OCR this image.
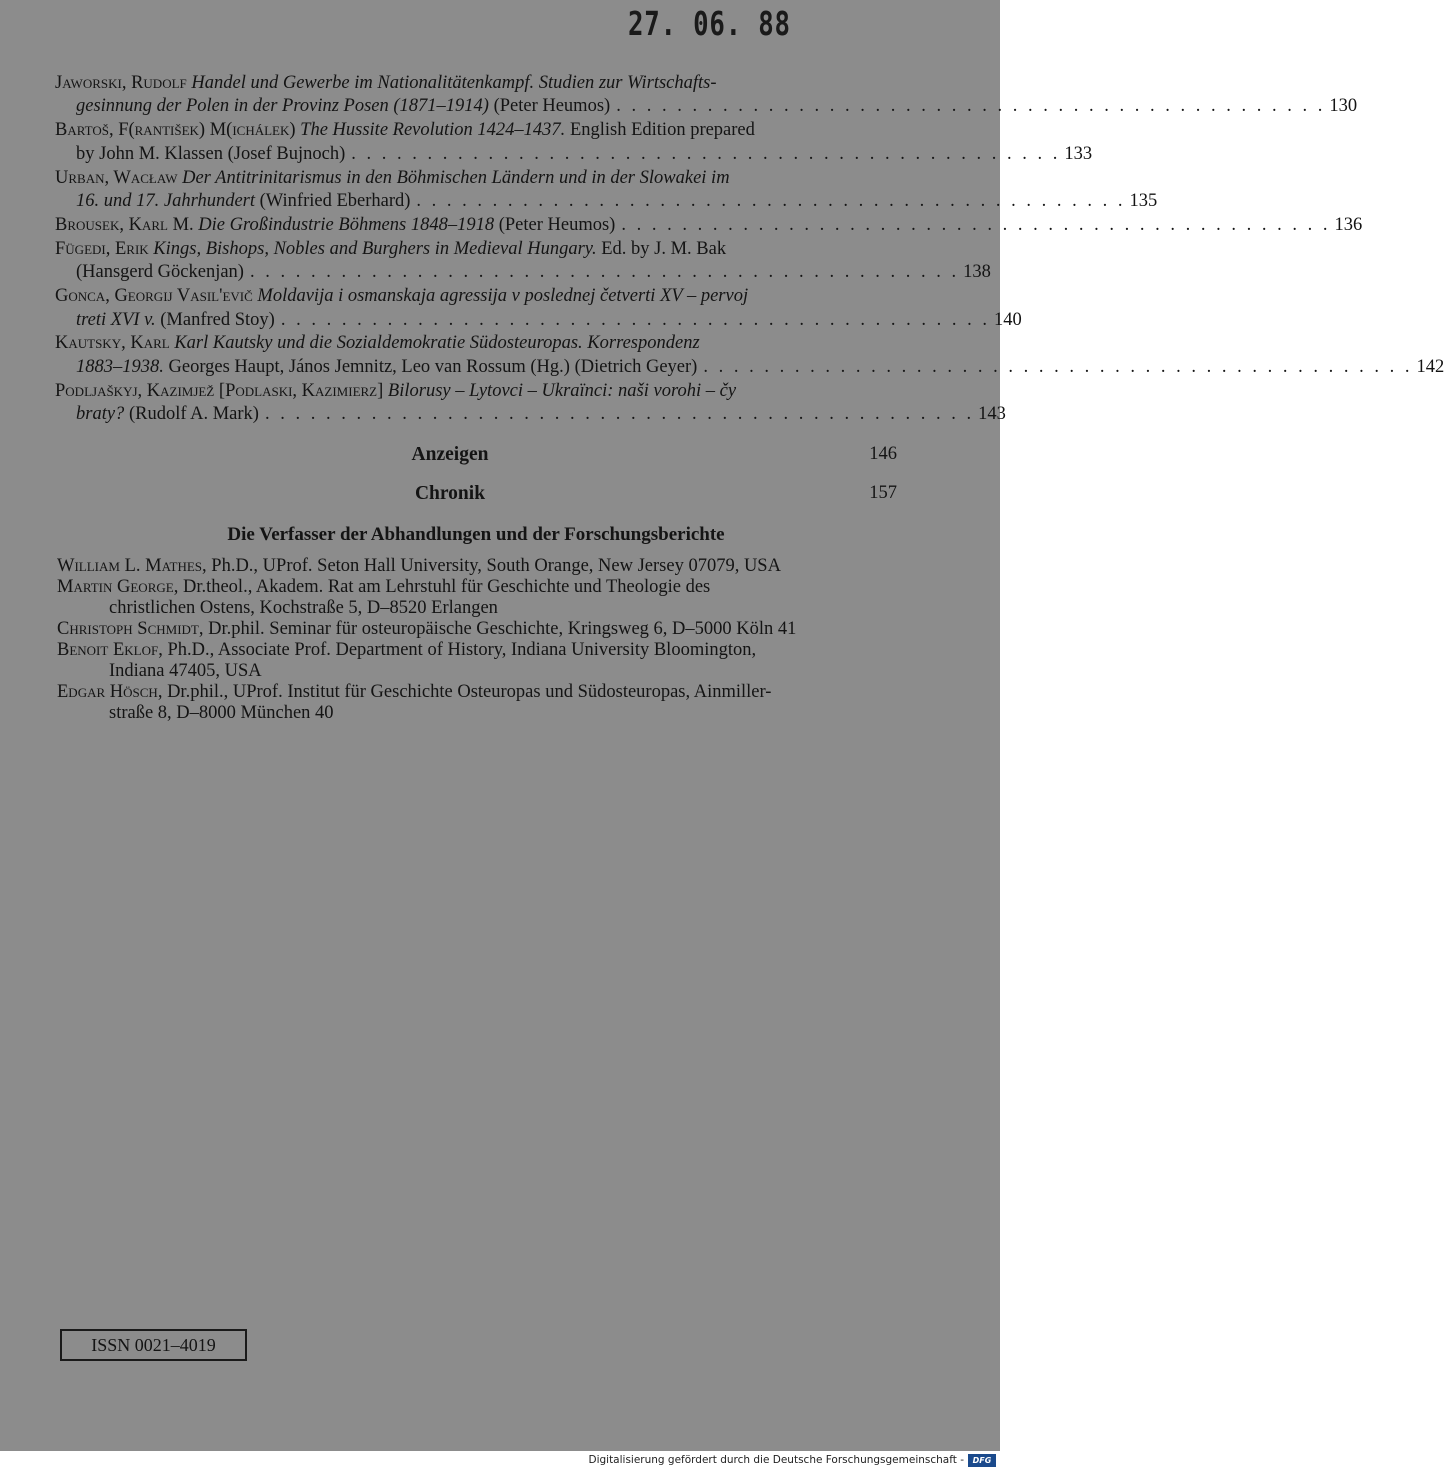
27. 06. 88
Jaworski, Rudolf Handel und Gewerbe im Nationalitätenkampf. Studien zur Wirtschafts-
gesinnung der Polen in der Provinz Posen (1871–1914) (Peter Heumos) . . . . . . . . . . . . . . . . . . . . . . . . . . . . . . . . . . . . . . . . . . . . . . . 130
Bartoš, F(rantišek) M(ichálek) The Hussite Revolution 1424–1437. English Edition prepared
by John M. Klassen (Josef Bujnoch) . . . . . . . . . . . . . . . . . . . . . . . . . . . . . . . . . . . . . . . . . . . . . . . 133
Urban, Wacław Der Antitrinitarismus in den Böhmischen Ländern und in der Slowakei im
16. und 17. Jahrhundert (Winfried Eberhard) . . . . . . . . . . . . . . . . . . . . . . . . . . . . . . . . . . . . . . . . . . . . . . . 135
Brousek, Karl M. Die Großindustrie Böhmens 1848–1918 (Peter Heumos) . . . . . . . . . . . . . . . . . . . . . . . . . . . . . . . . . . . . . . . . . . . . . . . 136
Fügedi, Erik Kings, Bishops, Nobles and Burghers in Medieval Hungary. Ed. by J. M. Bak
(Hansgerd Göckenjan) . . . . . . . . . . . . . . . . . . . . . . . . . . . . . . . . . . . . . . . . . . . . . . . 138
Gonca, Georgij Vasil'evič Moldavija i osmanskaja agressija v poslednej četverti XV – pervoj
treti XVI v. (Manfred Stoy) . . . . . . . . . . . . . . . . . . . . . . . . . . . . . . . . . . . . . . . . . . . . . . . 140
Kautsky, Karl Karl Kautsky und die Sozialdemokratie Südosteuropas. Korrespondenz
1883–1938. Georges Haupt, János Jemnitz, Leo van Rossum (Hg.) (Dietrich Geyer) . . . . . . . . . . . . . . . . . . . . . . . . . . . . . . . . . . . . . . . . . . . . . . . 142
Podljaškyj, Kazimjež [Podlaski, Kazimierz] Bilorusy – Lytovci – Ukraïnci: naši vorohi – čy
braty? (Rudolf A. Mark) . . . . . . . . . . . . . . . . . . . . . . . . . . . . . . . . . . . . . . . . . . . . . . . 143
Anzeigen	146
Chronik	157
Die Verfasser der Abhandlungen und der Forschungsberichte
William L. Mathes, Ph.D., UProf. Seton Hall University, South Orange, New Jersey 07079, USA
Martin George, Dr.theol., Akadem. Rat am Lehrstuhl für Geschichte und Theologie des
christlichen Ostens, Kochstraße 5, D–8520 Erlangen
Christoph Schmidt, Dr.phil. Seminar für osteuropäische Geschichte, Kringsweg 6, D–5000 Köln 41
Benoit Eklof, Ph.D., Associate Prof. Department of History, Indiana University Bloomington,
Indiana 47405, USA
Edgar Hösch, Dr.phil., UProf. Institut für Geschichte Osteuropas und Südosteuropas, Ainmiller-
straße 8, D–8000 München 40
ISSN 0021–4019
Digitalisierung gefördert durch die Deutsche Forschungsgemeinschaft -	DFG
